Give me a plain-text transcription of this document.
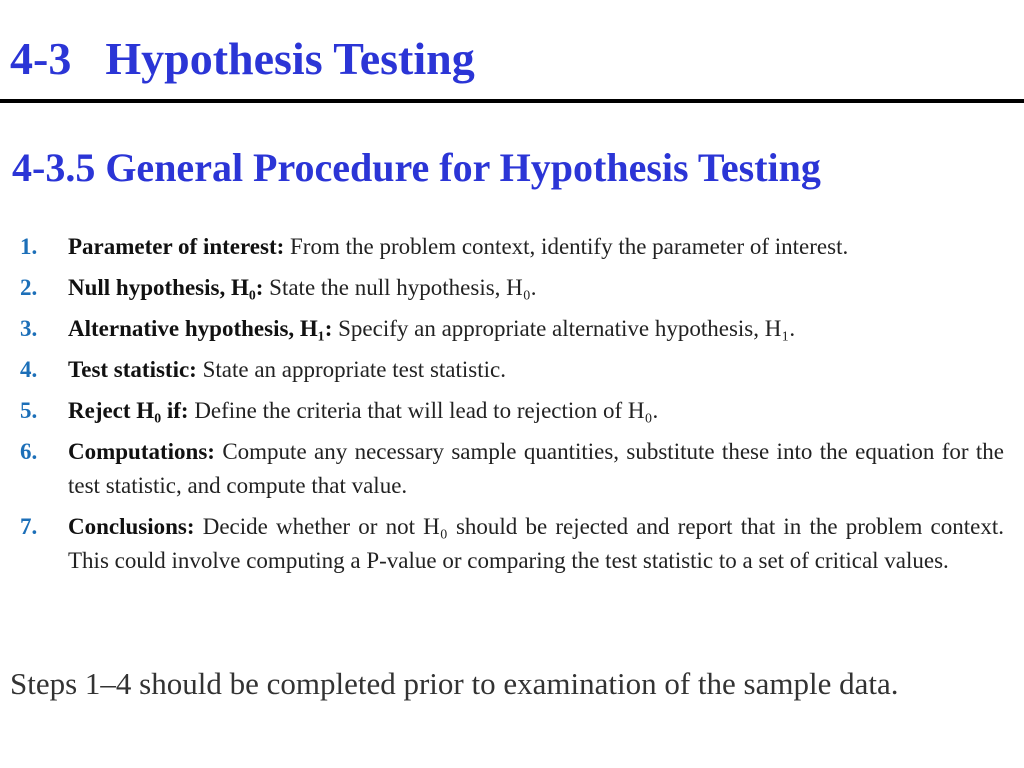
4-3 Hypothesis Testing
4-3.5 General Procedure for Hypothesis Testing
1. Parameter of interest: From the problem context, identify the parameter of interest.
2. Null hypothesis, H₀: State the null hypothesis, H₀.
3. Alternative hypothesis, H₁: Specify an appropriate alternative hypothesis, H₁.
4. Test statistic: State an appropriate test statistic.
5. Reject H₀ if: Define the criteria that will lead to rejection of H₀.
6. Computations: Compute any necessary sample quantities, substitute these into the equation for the test statistic, and compute that value.
7. Conclusions: Decide whether or not H₀ should be rejected and report that in the problem context. This could involve computing a P-value or comparing the test statistic to a set of critical values.

Steps 1–4 should be completed prior to examination of the sample data.
